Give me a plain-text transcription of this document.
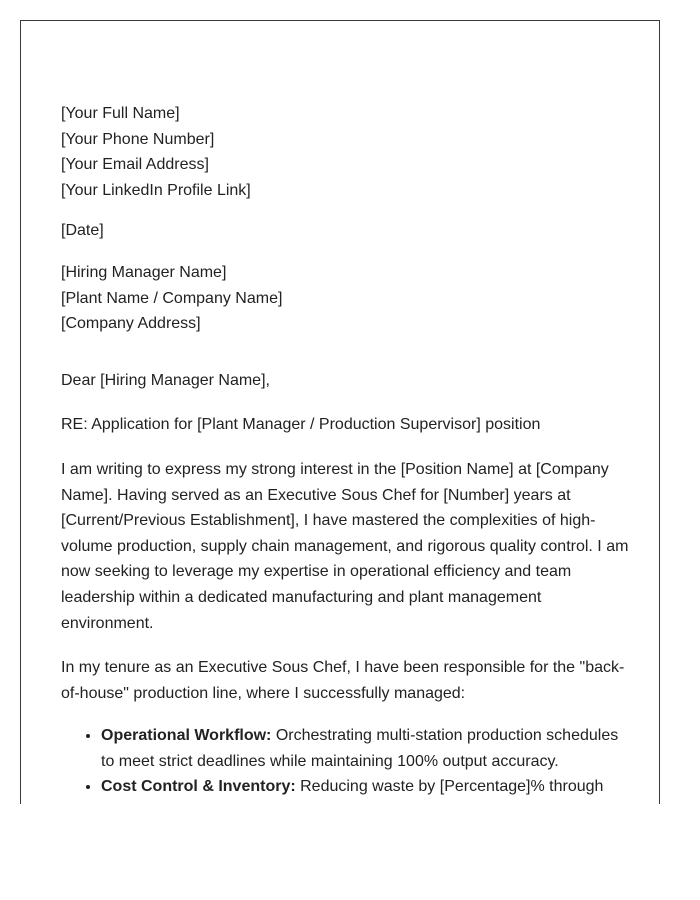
[Your Full Name]
[Your Phone Number]
[Your Email Address]
[Your LinkedIn Profile Link]
[Date]
[Hiring Manager Name]
[Plant Name / Company Name]
[Company Address]

Dear [Hiring Manager Name],

RE: Application for [Plant Manager / Production Supervisor] position

I am writing to express my strong interest in the [Position Name] at [Company Name]. Having served as an Executive Sous Chef for [Number] years at [Current/Previous Establishment], I have mastered the complexities of high-volume production, supply chain management, and rigorous quality control. I am now seeking to leverage my expertise in operational efficiency and team leadership within a dedicated manufacturing and plant management environment.

In my tenure as an Executive Sous Chef, I have been responsible for the "back-of-house" production line, where I successfully managed:

• Operational Workflow: Orchestrating multi-station production schedules to meet strict deadlines while maintaining 100% output accuracy.
• Cost Control & Inventory: Reducing waste by [Percentage]% through
